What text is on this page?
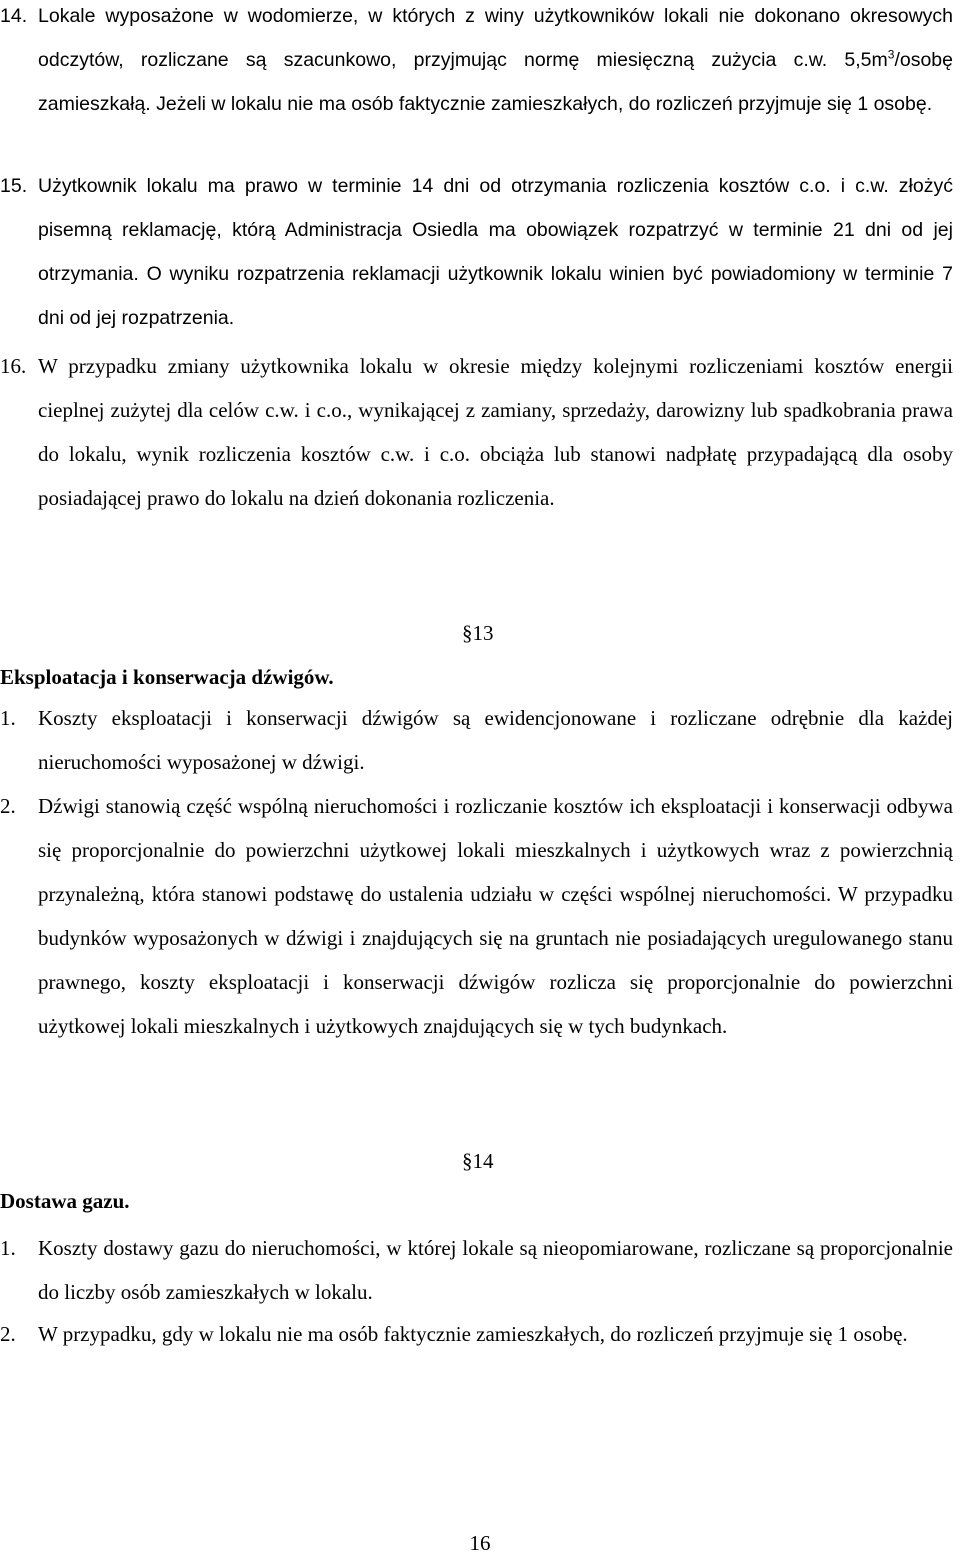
14. Lokale wyposażone w wodomierze, w których z winy użytkowników lokali nie dokonano okresowych odczytów, rozliczane są szacunkowo, przyjmując normę miesięczną zużycia c.w. $5,5m^3$/osobę zamieszkałą. Jeżeli w lokalu nie ma osób faktycznie zamieszkałych, do rozliczeń przyjmuje się 1 osobę.
15. Użytkownik lokalu ma prawo w terminie 14 dni od otrzymania rozliczenia kosztów c.o. i c.w. złożyć pisemną reklamację, którą Administracja Osiedla ma obowiązek rozpatrzyć w terminie 21 dni od jej otrzymania. O wyniku rozpatrzenia reklamacji użytkownik lokalu winien być powiadomiony w terminie 7 dni od jej rozpatrzenia.
16. W przypadku zmiany użytkownika lokalu w okresie między kolejnymi rozliczeniami kosztów energii cieplnej zużytej dla celów c.w. i c.o., wynikającej z zamiany, sprzedaży, darowizny lub spadkobrania prawa do lokalu, wynik rozliczenia kosztów c.w. i c.o. obciąża lub stanowi nadpłatę przypadającą dla osoby posiadającej prawo do lokalu na dzień dokonania rozliczenia.
§13
Eksploatacja i konserwacja dźwigów.
1. Koszty eksploatacji i konserwacji dźwigów są ewidencjonowane i rozliczane odrębnie dla każdej nieruchomości wyposażonej w dźwigi.
2. Dźwigi stanowią część wspólną nieruchomości i rozliczanie kosztów ich eksploatacji i konserwacji odbywa się proporcjonalnie do powierzchni użytkowej lokali mieszkalnych i użytkowych wraz z powierzchnią przynależną, która stanowi podstawę do ustalenia udziału w części wspólnej nieruchomości. W przypadku budynków wyposażonych w dźwigi i znajdujących się na gruntach nie posiadających uregulowanego stanu prawnego, koszty eksploatacji i konserwacji dźwigów rozlicza się proporcjonalnie do powierzchni użytkowej lokali mieszkalnych i użytkowych znajdujących się w tych budynkach.
§14
Dostawa gazu.
1. Koszty dostawy gazu do nieruchomości, w której lokale są nieopomiarowane, rozliczane są proporcjonalnie do liczby osób zamieszkałych w lokalu.
2. W przypadku, gdy w lokalu nie ma osób faktycznie zamieszkałych, do rozliczeń przyjmuje się 1 osobę.
16
